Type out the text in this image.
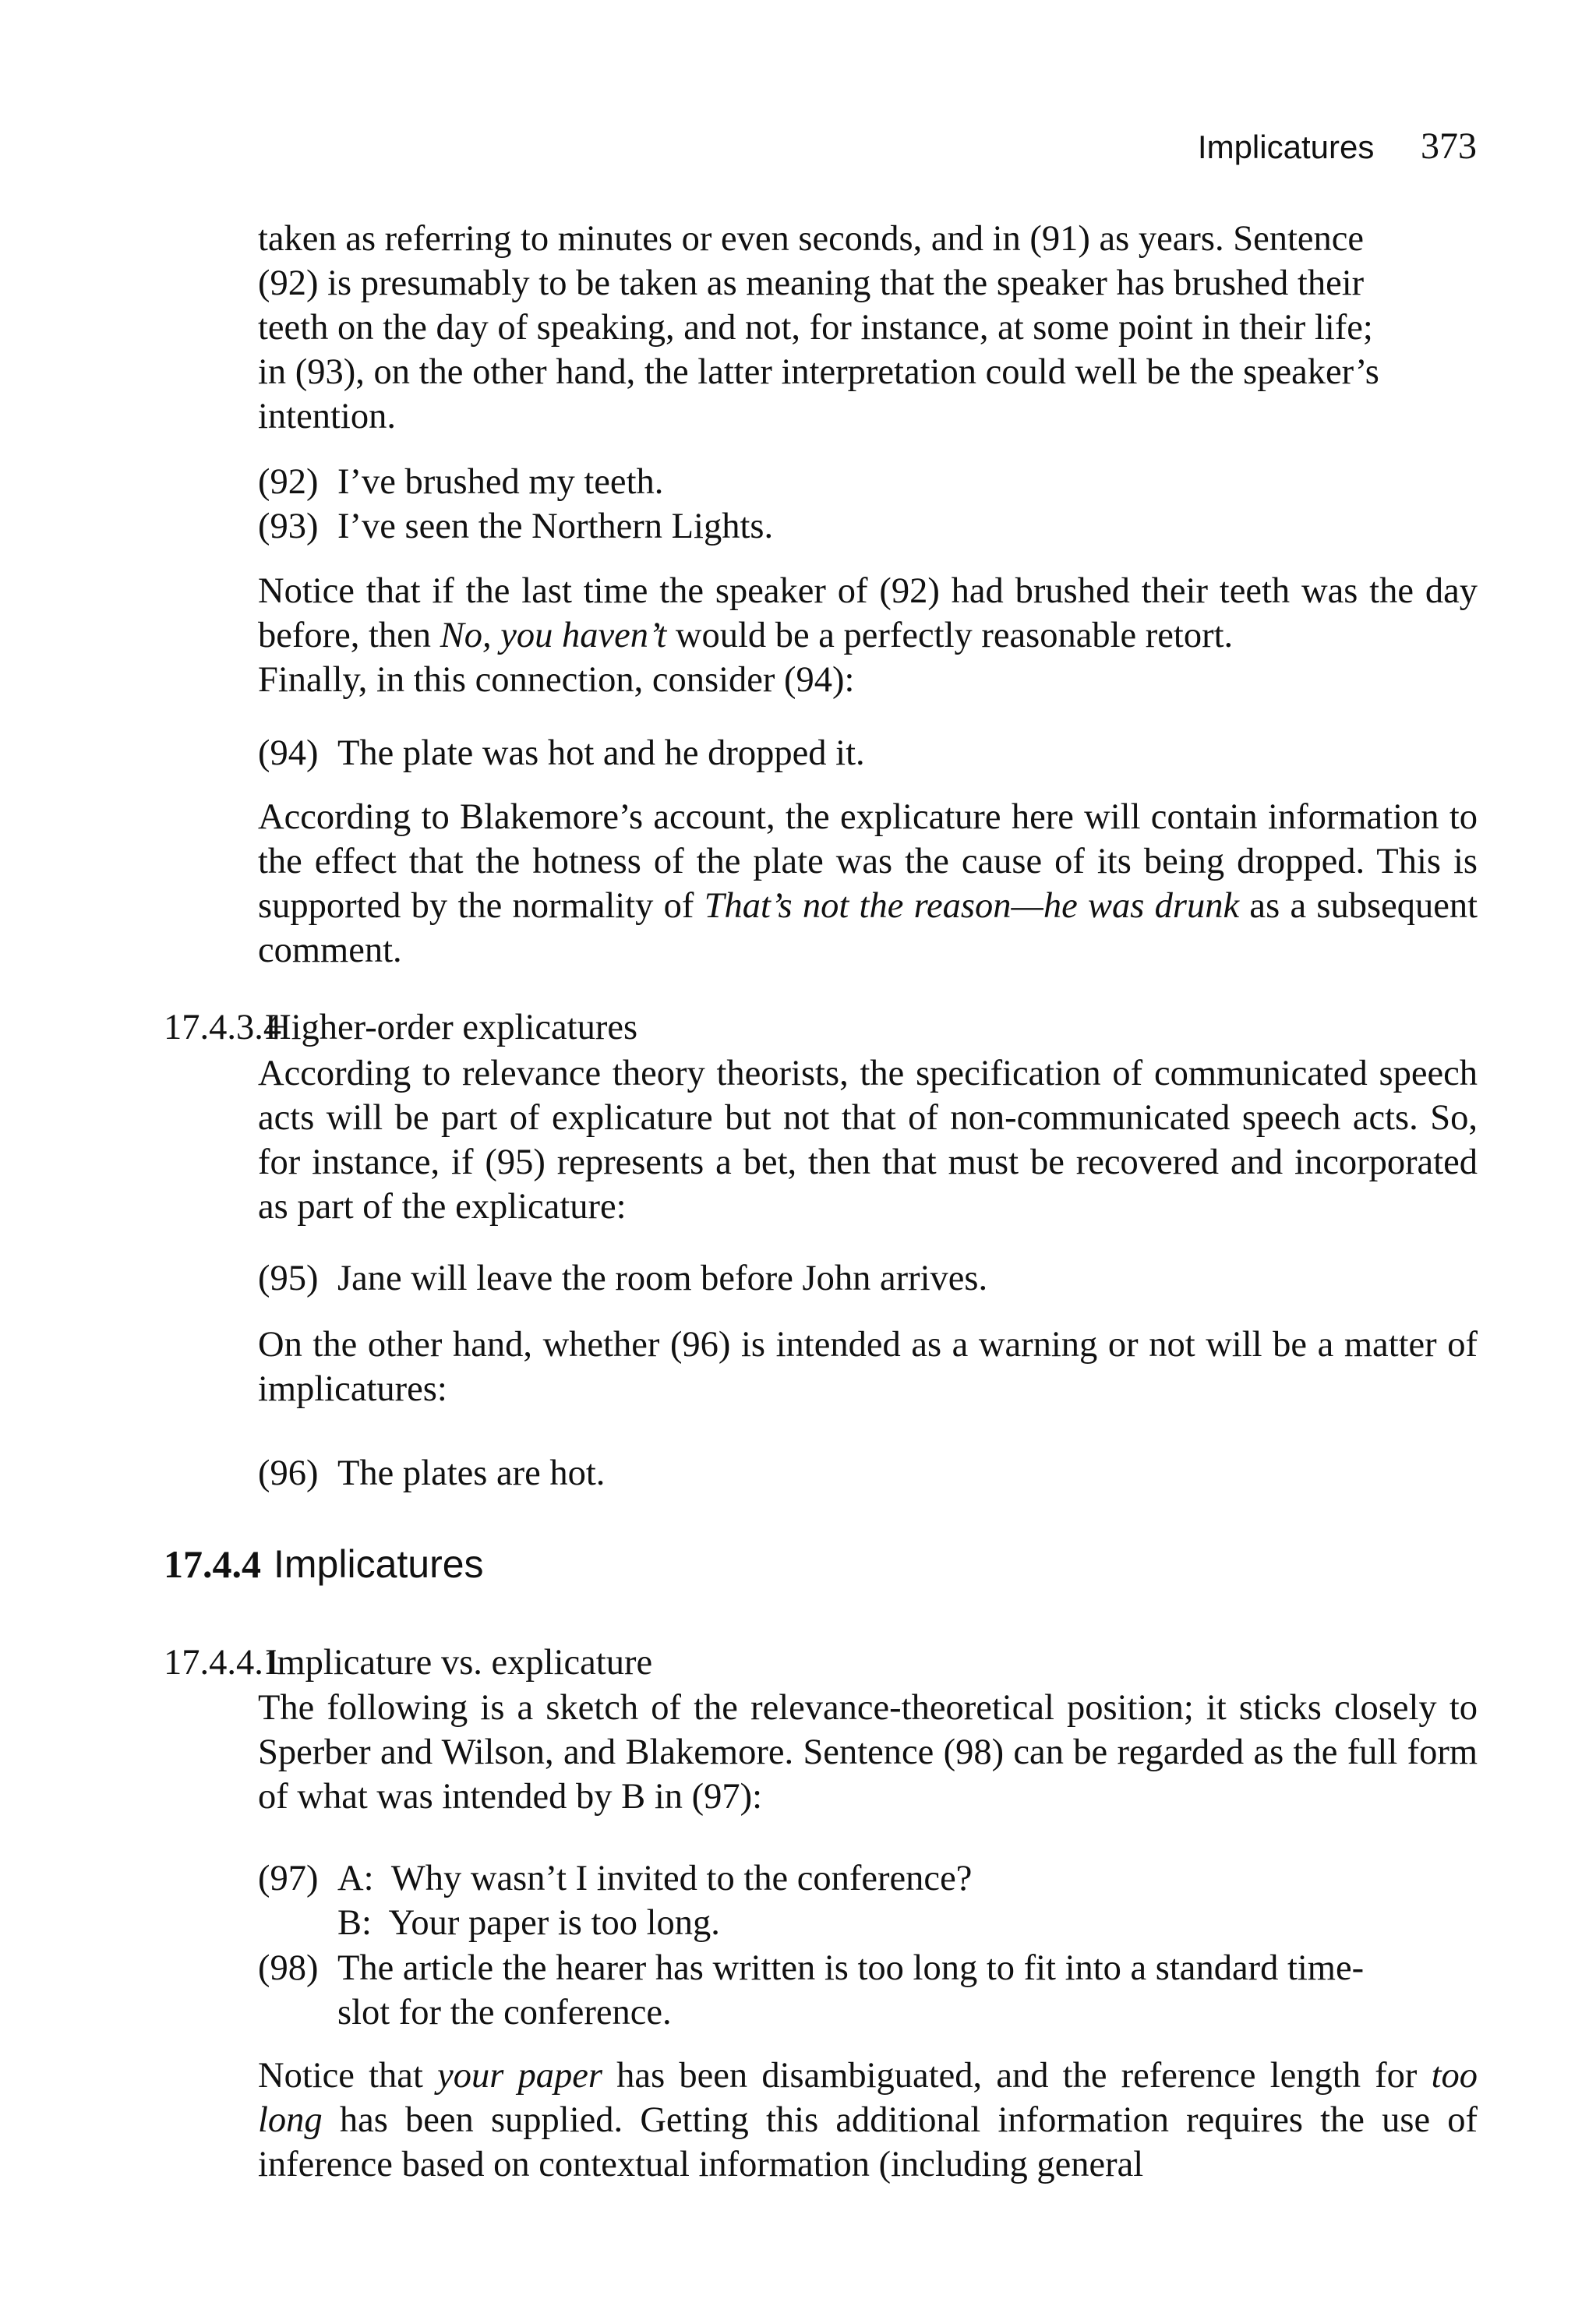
Implicatures 373

taken as referring to minutes or even seconds, and in (91) as years. Sentence
(92) is presumably to be taken as meaning that the speaker has brushed their
teeth on the day of speaking, and not, for instance, at some point in their life;
in (93), on the other hand, the latter interpretation could well be the speaker’s
intention.

(92) I’ve brushed my teeth.
(93) I’ve seen the Northern Lights.

Notice that if the last time the speaker of (92) had brushed their teeth was the day before, then No, you haven’t would be a perfectly reasonable retort.
Finally, in this connection, consider (94):

(94) The plate was hot and he dropped it.

According to Blakemore’s account, the explicature here will contain information to the effect that the hotness of the plate was the cause of its being dropped. This is supported by the normality of That’s not the reason—he was drunk as a subsequent comment.

17.4.3.4Higher-order explicatures

According to relevance theory theorists, the specification of communicated speech acts will be part of explicature but not that of non-communicated speech acts. So, for instance, if (95) represents a bet, then that must be recovered and incorporated as part of the explicature:

(95) Jane will leave the room before John arrives.

On the other hand, whether (96) is intended as a warning or not will be a matter of implicatures:

(96) The plates are hot.
17.4.4 Implicatures
17.4.4.1Implicature vs. explicature

The following is a sketch of the relevance-theoretical position; it sticks closely to Sperber and Wilson, and Blakemore. Sentence (98) can be regarded as the full form of what was intended by B in (97):

(97) A:  Why wasn’t I invited to the conference?
B:  Your paper is too long.
(98) The article the hearer has written is too long to fit into a standard time-
slot for the conference.

Notice that your paper has been disambiguated, and the reference length for too long has been supplied. Getting this additional information requires the use of inference based on contextual information (including general
